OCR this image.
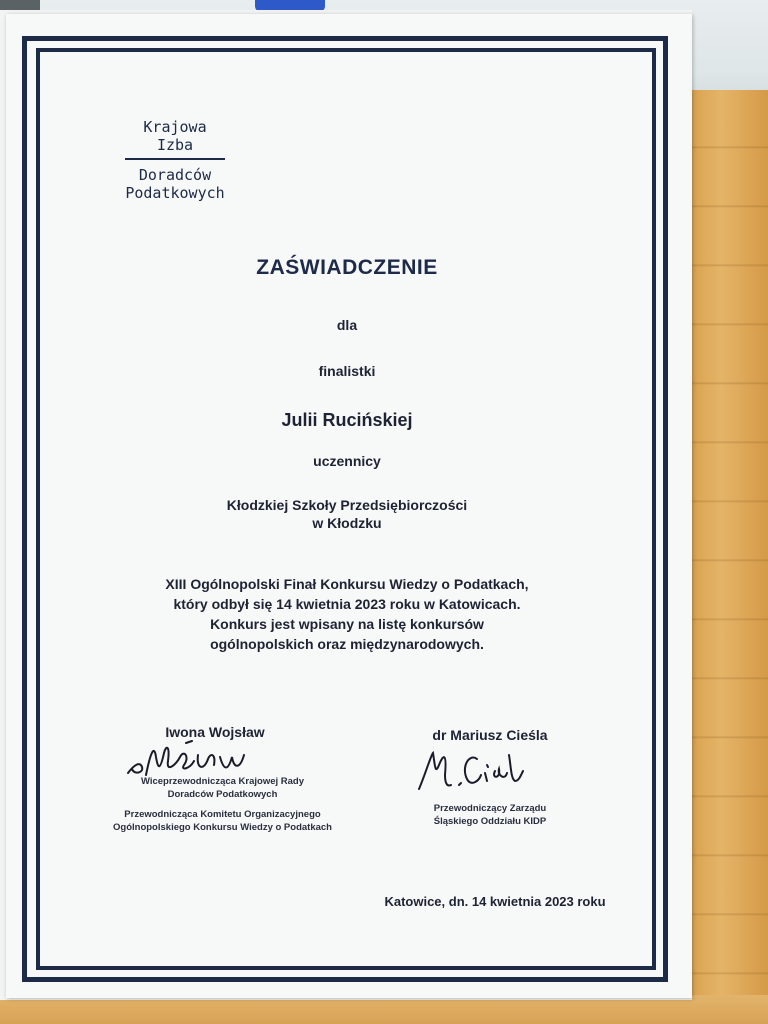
Krajowa
Izba
Doradców
Podatkowych
ZAŚWIADCZENIE
dla
finalistki
Julii Rucińskiej
uczennicy
Kłodzkiej Szkoły Przedsiębiorczości
w Kłodzku
XIII Ogólnopolski Finał Konkursu Wiedzy o Podatkach,
który odbył się 14 kwietnia 2023 roku w Katowicach.
Konkurs jest wpisany na listę konkursów
ogólnopolskich oraz międzynarodowych.
Iwona Wojsław
Wiceprzewodnicząca Krajowej Rady
Doradców Podatkowych
Przewodnicząca Komitetu Organizacyjnego
Ogólnopolskiego Konkursu Wiedzy o Podatkach
dr Mariusz Cieśla
Przewodniczący Zarządu
Śląskiego Oddziału KIDP
Katowice, dn. 14 kwietnia 2023 roku
